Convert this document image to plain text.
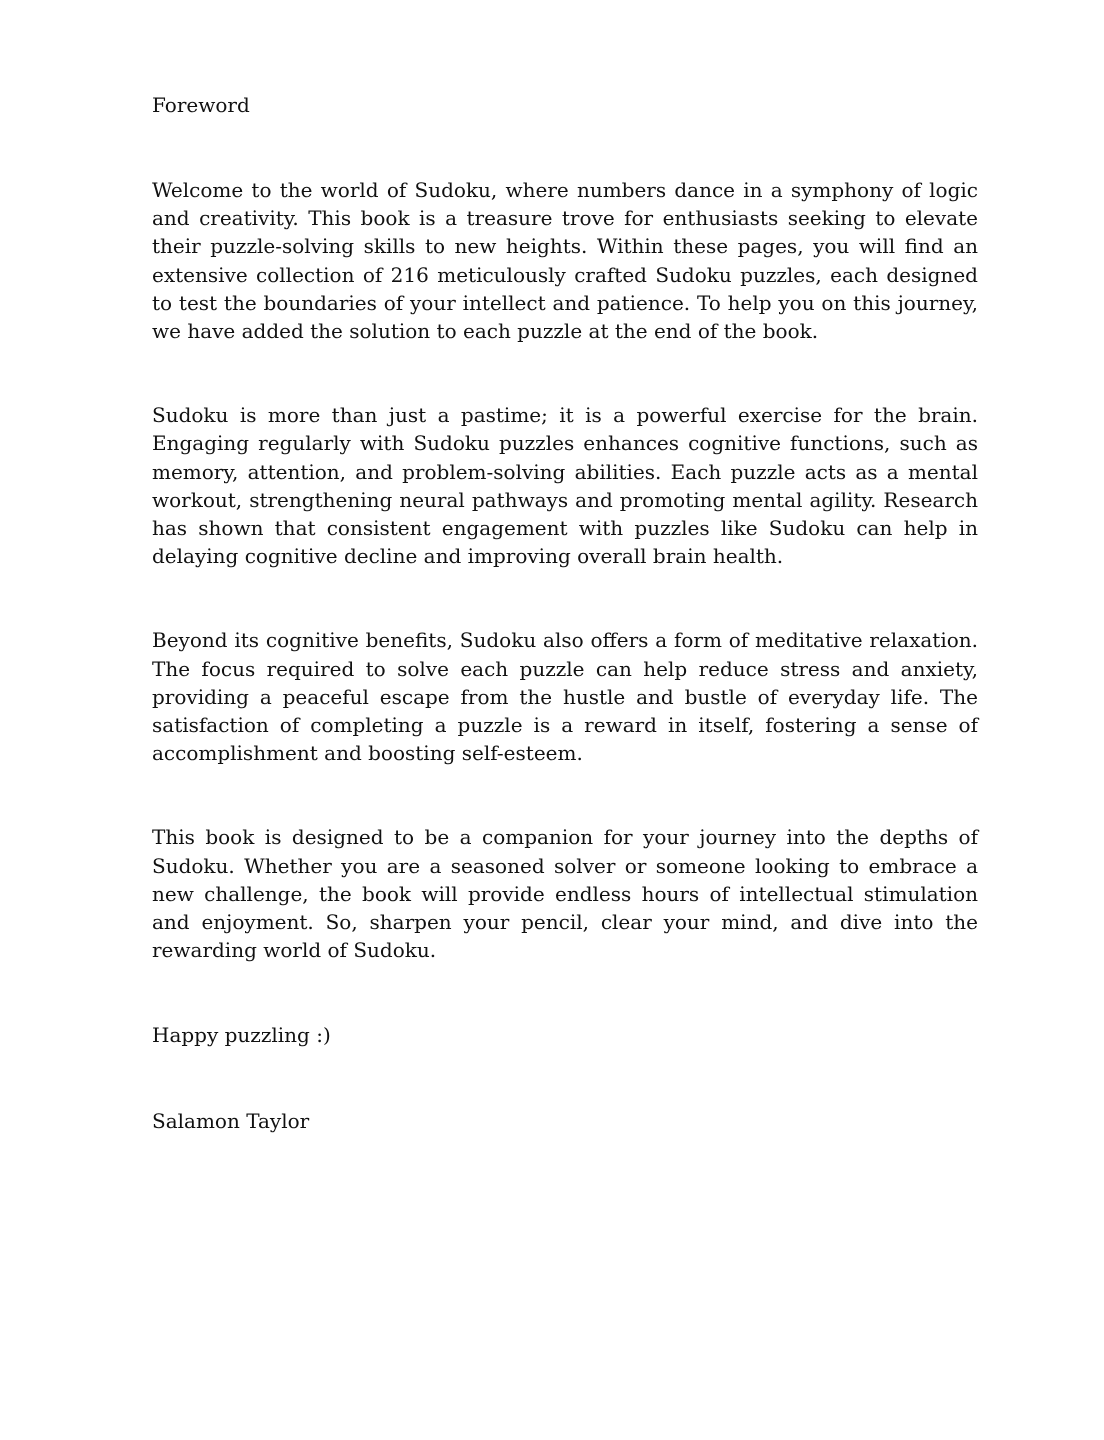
Foreword

Welcome to the world of Sudoku, where numbers dance in a symphony of logic and creativity. This book is a treasure trove for enthusiasts seeking to elevate their puzzle-solving skills to new heights. Within these pages, you will find an extensive collection of 216 meticulously crafted Sudoku puzzles, each designed to test the boundaries of your intellect and patience. To help you on this journey, we have added the solution to each puzzle at the end of the book.

Sudoku is more than just a pastime; it is a powerful exercise for the brain. Engaging regularly with Sudoku puzzles enhances cognitive functions, such as memory, attention, and problem-solving abilities. Each puzzle acts as a mental workout, strengthening neural pathways and promoting mental agility. Research has shown that consistent engagement with puzzles like Sudoku can help in delaying cognitive decline and improving overall brain health.

Beyond its cognitive benefits, Sudoku also offers a form of meditative relaxation. The focus required to solve each puzzle can help reduce stress and anxiety, providing a peaceful escape from the hustle and bustle of everyday life. The satisfaction of completing a puzzle is a reward in itself, fostering a sense of accomplishment and boosting self-esteem.

This book is designed to be a companion for your journey into the depths of Sudoku. Whether you are a seasoned solver or someone looking to embrace a new challenge, the book will provide endless hours of intellectual stimulation and enjoyment. So, sharpen your pencil, clear your mind, and dive into the rewarding world of Sudoku.

Happy puzzling :)

Salamon Taylor
